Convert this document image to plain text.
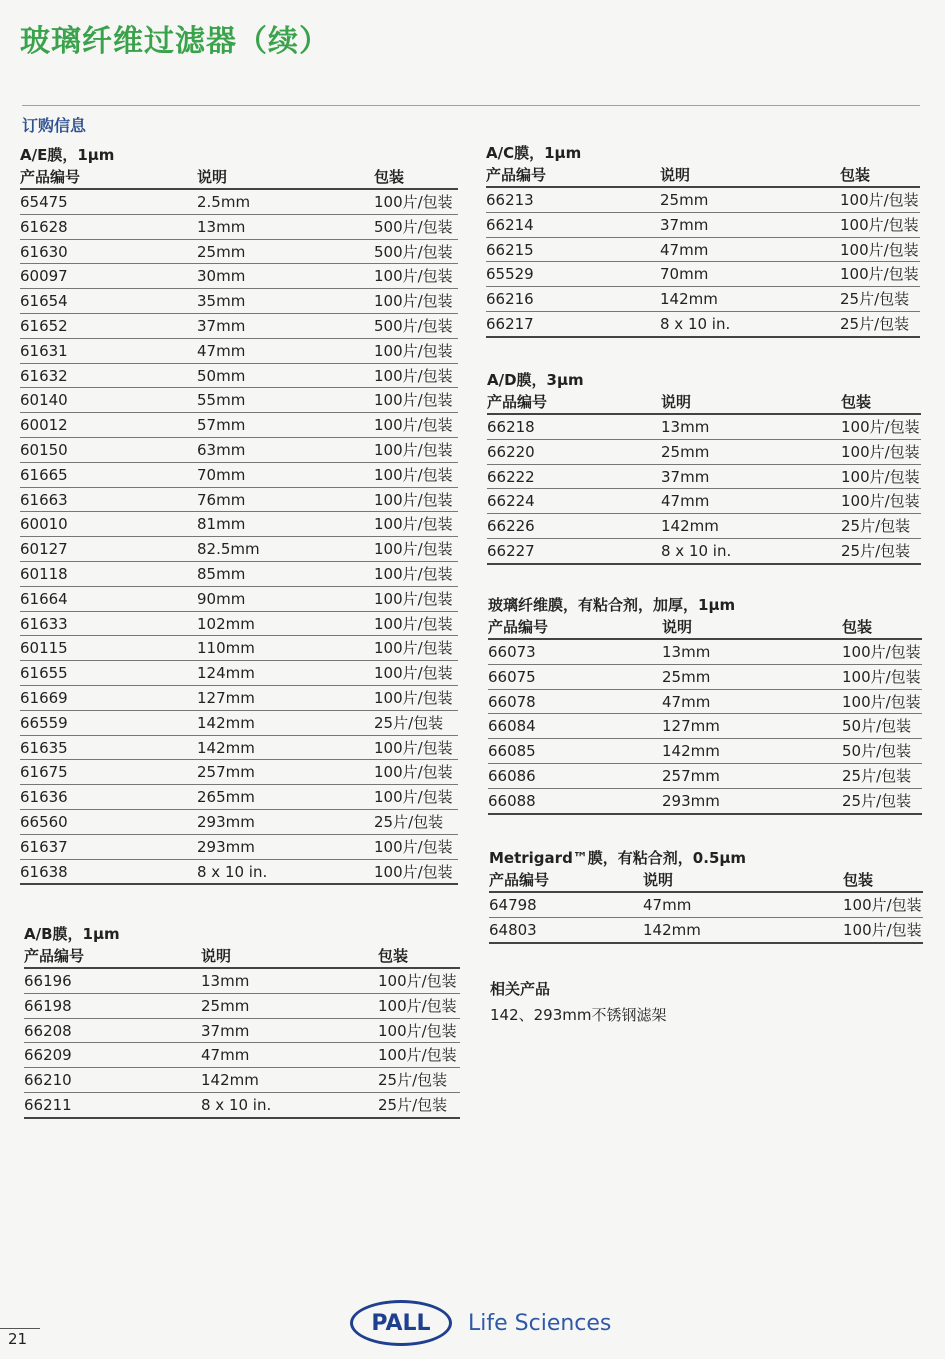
玻璃纤维过滤器（续）
订购信息
A/E膜，1μm
产品编号	说明	包装
65475	2.5mm	100片/包装
61628	13mm	500片/包装
61630	25mm	500片/包装
60097	30mm	100片/包装
61654	35mm	100片/包装
61652	37mm	500片/包装
61631	47mm	100片/包装
61632	50mm	100片/包装
60140	55mm	100片/包装
60012	57mm	100片/包装
60150	63mm	100片/包装
61665	70mm	100片/包装
61663	76mm	100片/包装
60010	81mm	100片/包装
60127	82.5mm	100片/包装
60118	85mm	100片/包装
61664	90mm	100片/包装
61633	102mm	100片/包装
60115	110mm	100片/包装
61655	124mm	100片/包装
61669	127mm	100片/包装
66559	142mm	25片/包装
61635	142mm	100片/包装
61675	257mm	100片/包装
61636	265mm	100片/包装
66560	293mm	25片/包装
61637	293mm	100片/包装
61638	8 x 10 in.	100片/包装
A/B膜，1μm
产品编号	说明	包装
66196	13mm	100片/包装
66198	25mm	100片/包装
66208	37mm	100片/包装
66209	47mm	100片/包装
66210	142mm	25片/包装
66211	8 x 10 in.	25片/包装
A/C膜，1μm
产品编号	说明	包装
66213	25mm	100片/包装
66214	37mm	100片/包装
66215	47mm	100片/包装
65529	70mm	100片/包装
66216	142mm	25片/包装
66217	8 x 10 in.	25片/包装
A/D膜，3μm
产品编号	说明	包装
66218	13mm	100片/包装
66220	25mm	100片/包装
66222	37mm	100片/包装
66224	47mm	100片/包装
66226	142mm	25片/包装
66227	8 x 10 in.	25片/包装
玻璃纤维膜，有粘合剂，加厚，1μm
产品编号	说明	包装
66073	13mm	100片/包装
66075	25mm	100片/包装
66078	47mm	100片/包装
66084	127mm	50片/包装
66085	142mm	50片/包装
66086	257mm	25片/包装
66088	293mm	25片/包装
Metrigard™膜，有粘合剂，0.5μm
产品编号	说明	包装
64798	47mm	100片/包装
64803	142mm	100片/包装
相关产品
142、293mm不锈钢滤架
PALL	Life Sciences
21
